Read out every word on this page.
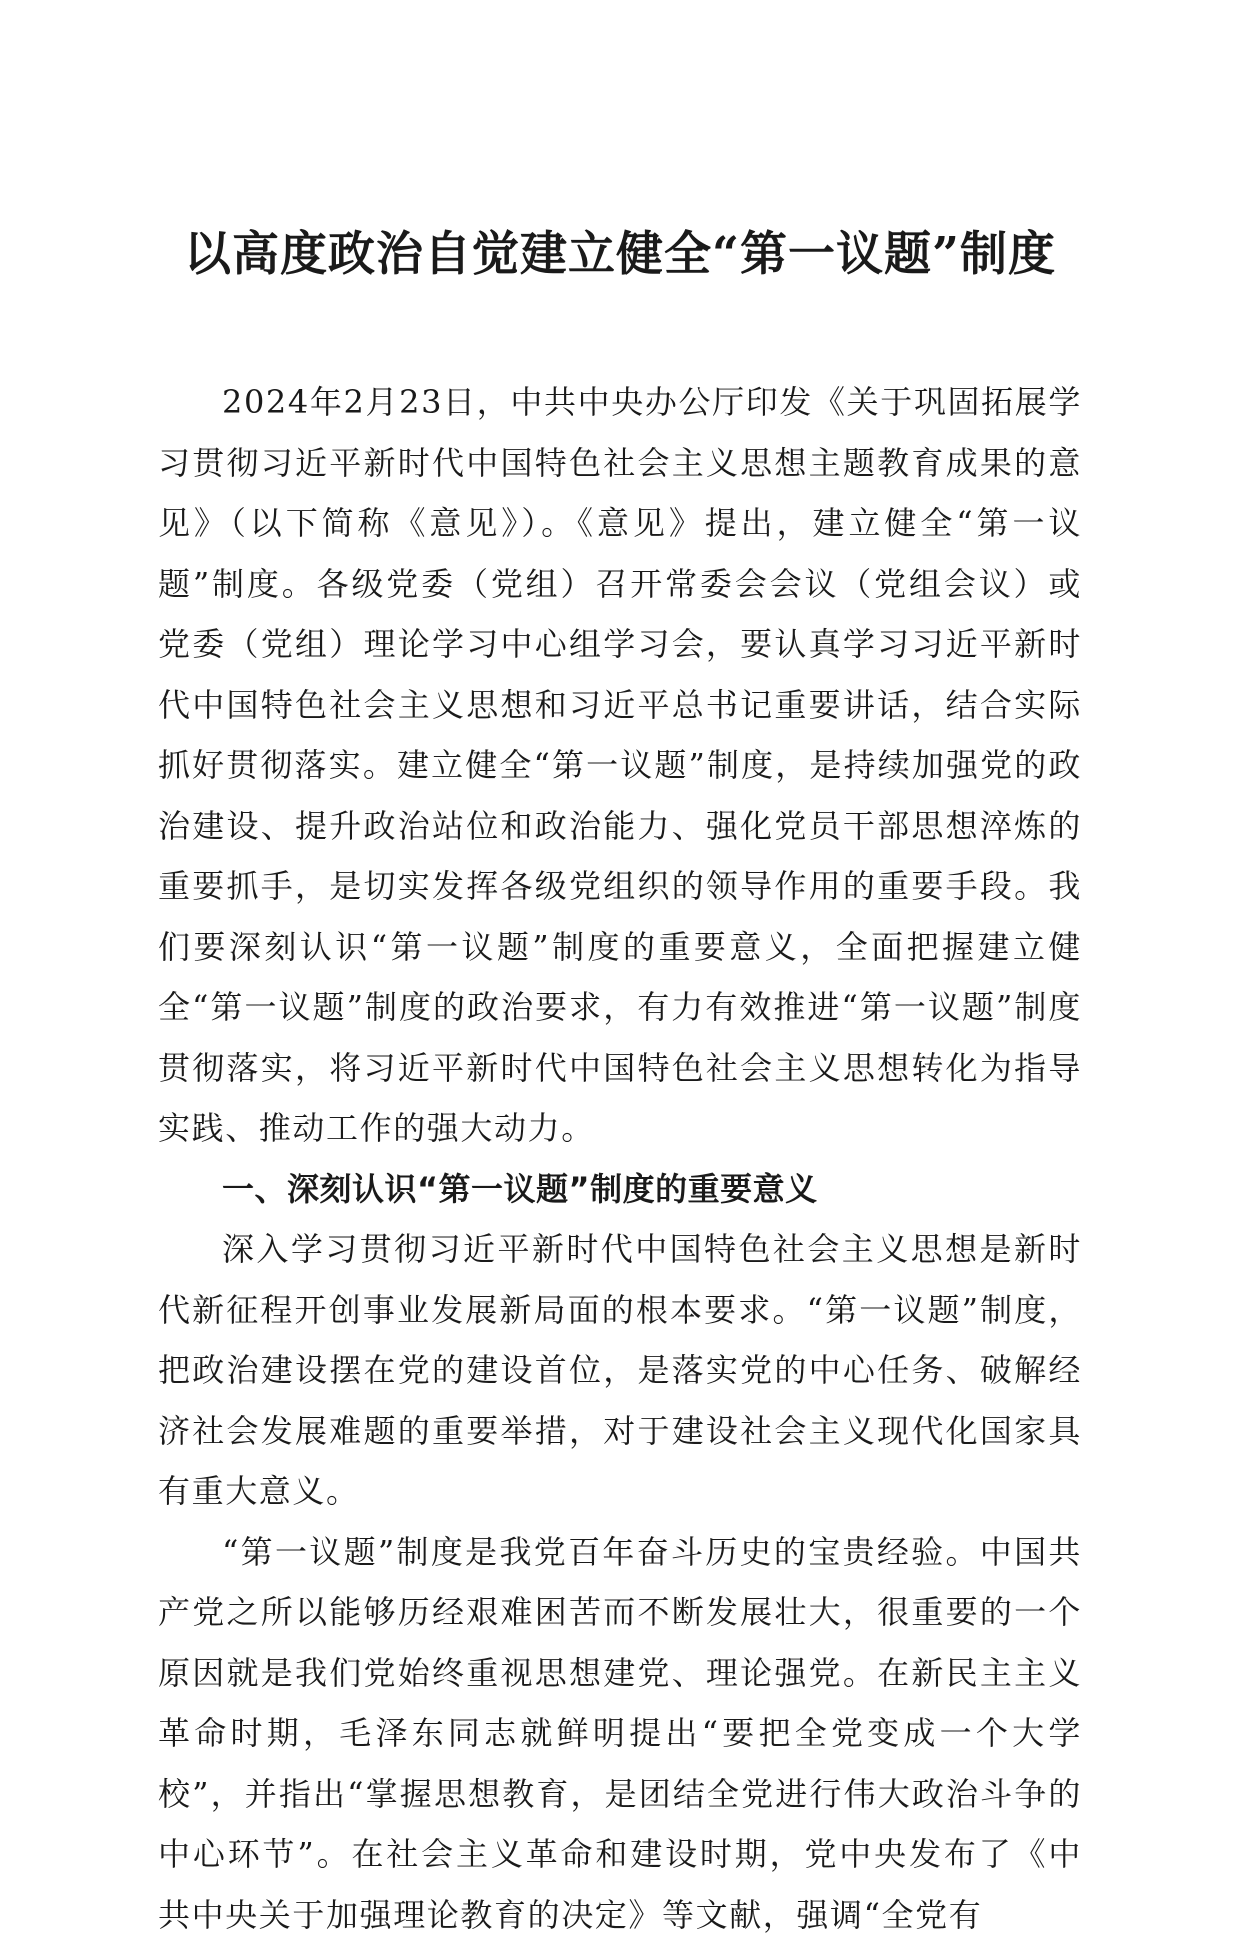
以高度政治自觉建立健全“第一议题”制度

2024年2月23日，中共中央办公厅印发《关于巩固拓展学习贯彻习近平新时代中国特色社会主义思想主题教育成果的意见》（以下简称《意见》）。《意见》提出，建立健全“第一议题”制度。各级党委（党组）召开常委会会议（党组会议）或党委（党组）理论学习中心组学习会，要认真学习习近平新时代中国特色社会主义思想和习近平总书记重要讲话，结合实际抓好贯彻落实。建立健全“第一议题”制度，是持续加强党的政治建设、提升政治站位和政治能力、强化党员干部思想淬炼的重要抓手，是切实发挥各级党组织的领导作用的重要手段。我们要深刻认识“第一议题”制度的重要意义，全面把握建立健全“第一议题”制度的政治要求，有力有效推进“第一议题”制度贯彻落实，将习近平新时代中国特色社会主义思想转化为指导实践、推动工作的强大动力。

一、深刻认识“第一议题”制度的重要意义

深入学习贯彻习近平新时代中国特色社会主义思想是新时代新征程开创事业发展新局面的根本要求。“第一议题”制度，把政治建设摆在党的建设首位，是落实党的中心任务、破解经济社会发展难题的重要举措，对于建设社会主义现代化国家具有重大意义。

“第一议题”制度是我党百年奋斗历史的宝贵经验。中国共产党之所以能够历经艰难困苦而不断发展壮大，很重要的一个原因就是我们党始终重视思想建党、理论强党。在新民主主义革命时期，毛泽东同志就鲜明提出“要把全党变成一个大学校”，并指出“掌握思想教育，是团结全党进行伟大政治斗争的中心环节”。在社会主义革命和建设时期，党中央发布了《中共中央关于加强理论教育的决定》等文献，强调“全党有
